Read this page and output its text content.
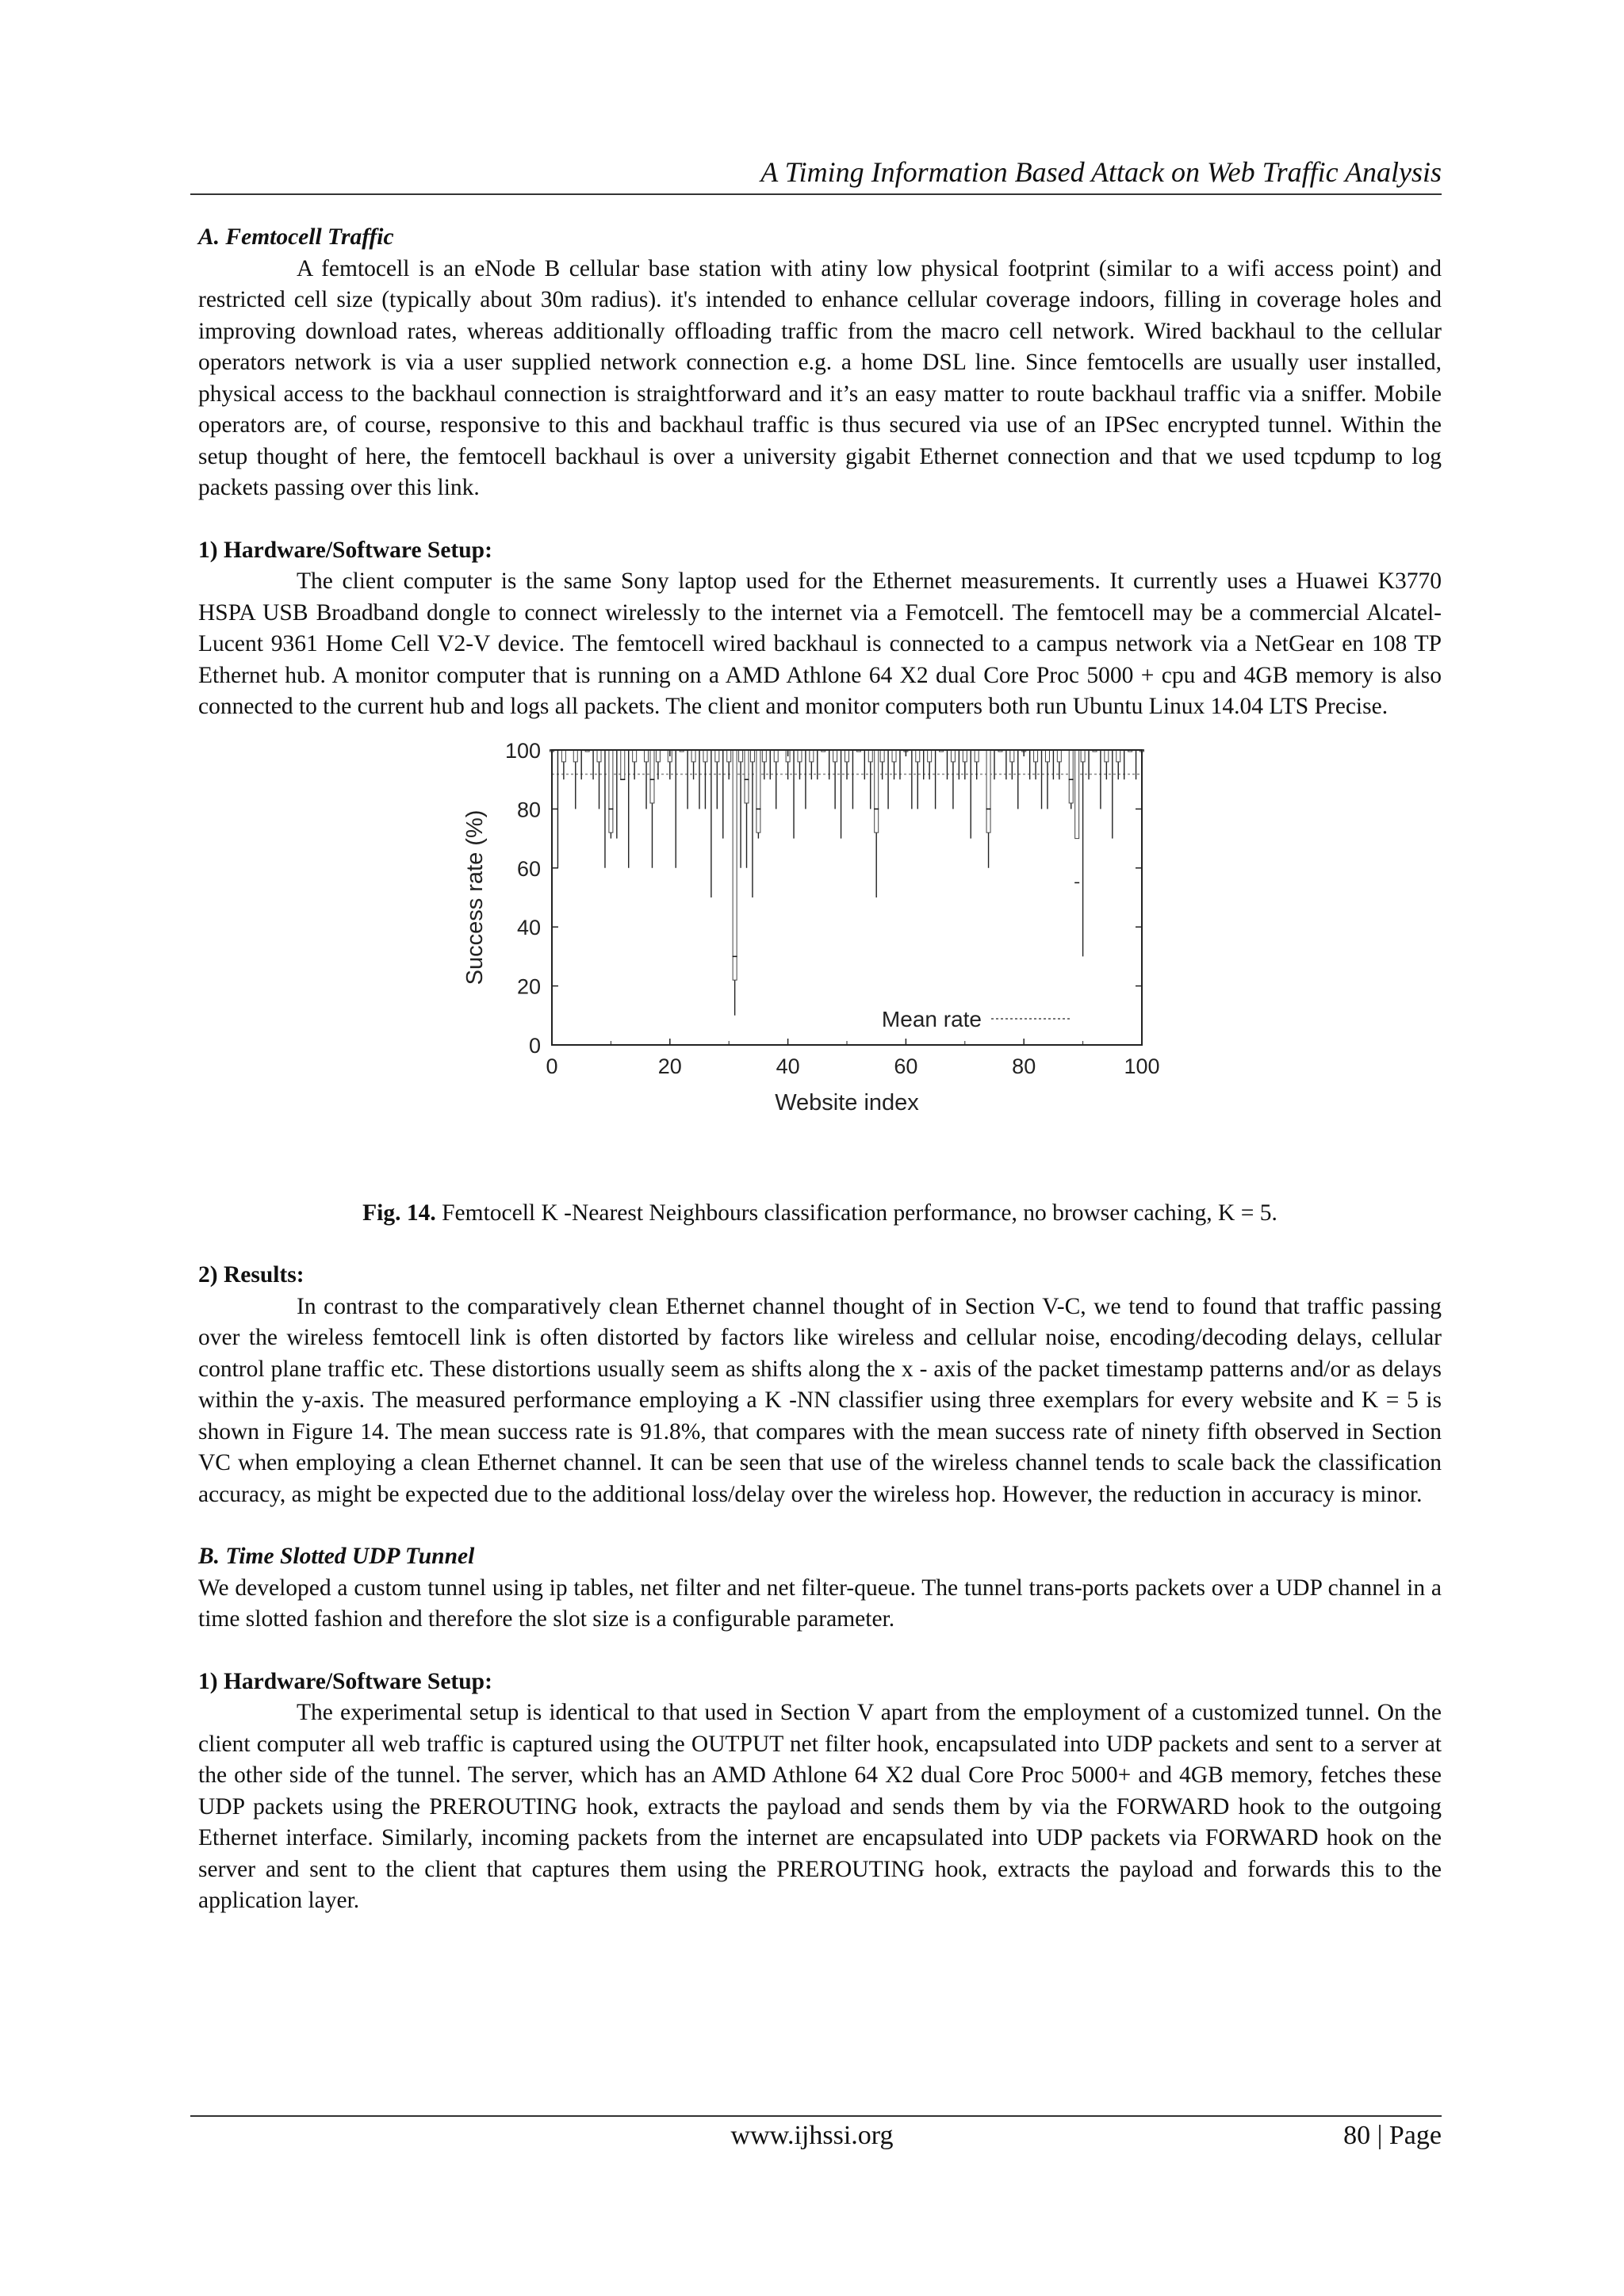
A Timing Information Based Attack on Web Traffic Analysis
A. Femtocell Traffic

A femtocell is an eNode B cellular base station with atiny low physical footprint (similar to a wifi access point) and restricted cell size (typically about 30m radius). it's intended to enhance cellular coverage indoors, filling in coverage holes and improving download rates, whereas additionally offloading traffic from the macro cell network. Wired backhaul to the cellular operators network is via a user supplied network connection e.g. a home DSL line. Since femtocells are usually user installed, physical access to the backhaul connection is straightforward and it’s an easy matter to route backhaul traffic via a sniffer. Mobile operators are, of course, responsive to this and backhaul traffic is thus secured via use of an IPSec encrypted tunnel. Within the setup thought of here, the femtocell backhaul is over a university gigabit Ethernet connection and that we used tcpdump to log packets passing over this link.

1) Hardware/Software Setup:

The client computer is the same Sony laptop used for the Ethernet measurements. It currently uses a Huawei K3770 HSPA USB Broadband dongle to connect wirelessly to the internet via a Femotcell. The femtocell may be a commercial Alcatel-Lucent 9361 Home Cell V2-V device. The femtocell wired backhaul is connected to a campus network via a NetGear en 108 TP Ethernet hub. A monitor computer that is running on a AMD Athlone 64 X2 dual Core Proc 5000 + cpu and 4GB memory is also connected to the current hub and logs all packets. The client and monitor computers both run Ubuntu Linux 14.04 LTS Precise.

0
20
40
60
80
100
0	20	40	60	80	100
Success rate (%)
Website index
Mean rate
Fig. 14. Femtocell K -Nearest Neighbours classification performance, no browser caching, K = 5.
2) Results:

In contrast to the comparatively clean Ethernet channel thought of in Section V-C, we tend to found that traffic passing over the wireless femtocell link is often distorted by factors like wireless and cellular noise, encoding/decoding delays, cellular control plane traffic etc. These distortions usually seem as shifts along the x - axis of the packet timestamp patterns and/or as delays within the y-axis. The measured performance employing a K -NN classifier using three exemplars for every website and K = 5 is shown in Figure 14. The mean success rate is 91.8%, that compares with the mean success rate of ninety fifth observed in Section VC when employing a clean Ethernet channel. It can be seen that use of the wireless channel tends to scale back the classification accuracy, as might be expected due to the additional loss/delay over the wireless hop. However, the reduction in accuracy is minor.

B. Time Slotted UDP Tunnel

We developed a custom tunnel using ip tables, net filter and net filter-queue. The tunnel trans-ports packets over a UDP channel in a time slotted fashion and therefore the slot size is a configurable parameter.

1) Hardware/Software Setup:

The experimental setup is identical to that used in Section V apart from the employment of a customized tunnel. On the client computer all web traffic is captured using the OUTPUT net filter hook, encapsulated into UDP packets and sent to a server at the other side of the tunnel. The server, which has an AMD Athlone 64 X2 dual Core Proc 5000+ and 4GB memory, fetches these UDP packets using the PREROUTING hook, extracts the payload and sends them by via the FORWARD hook to the outgoing Ethernet interface. Similarly, incoming packets from the internet are encapsulated into UDP packets via FORWARD hook on the server and sent to the client that captures them using the PREROUTING hook, extracts the payload and forwards this to the application layer.

www.ijhssi.org	80 | Page
